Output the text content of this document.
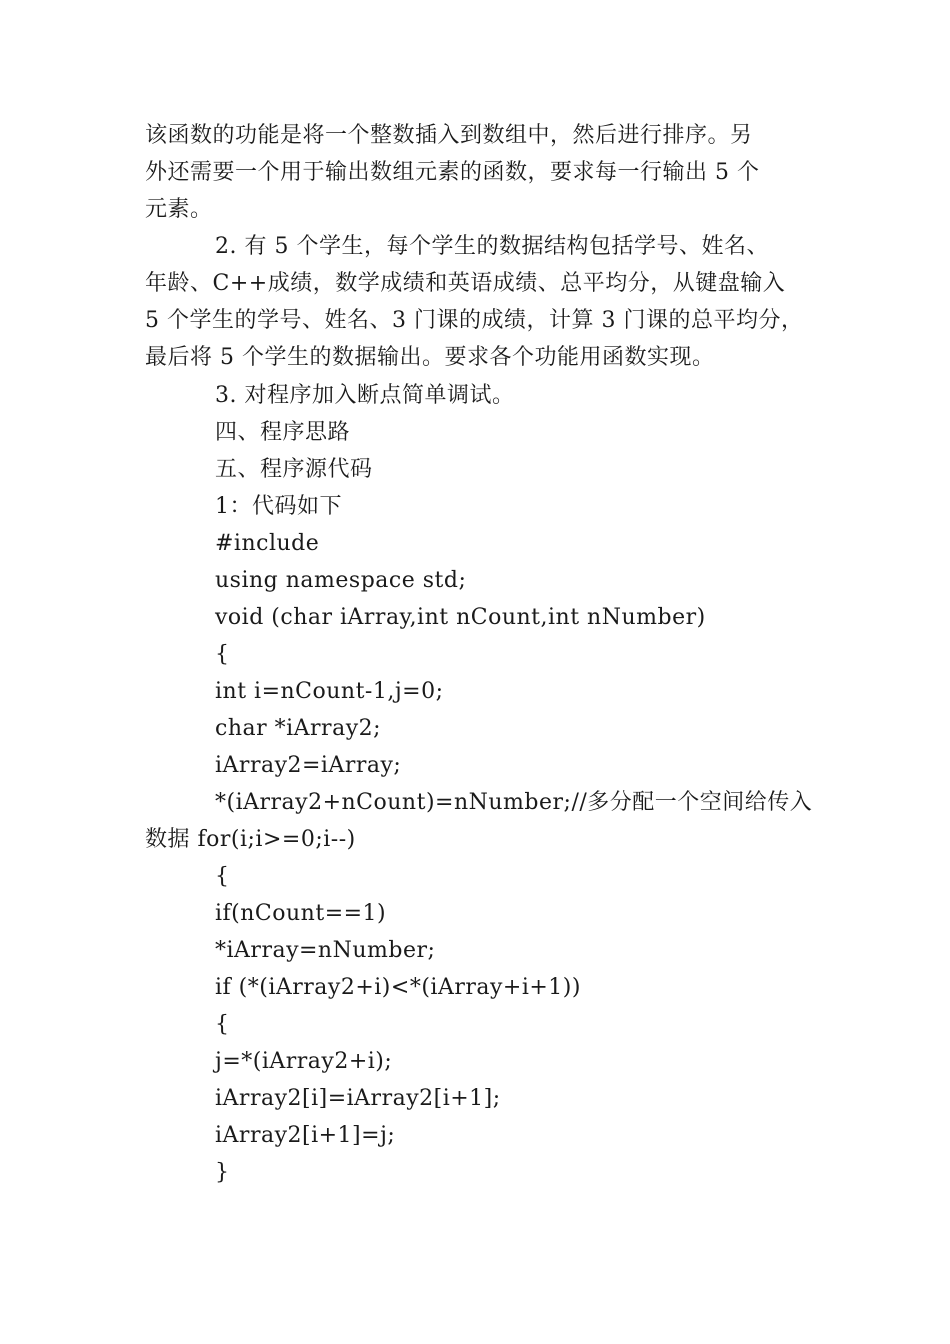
该函数的功能是将一个整数插入到数组中，然后进行排序。另
外还需要一个用于输出数组元素的函数，要求每一行输出 5 个
元素。
2. 有 5 个学生，每个学生的数据结构包括学号、姓名、
年龄、C++成绩，数学成绩和英语成绩、总平均分，从键盘输入
5 个学生的学号、姓名、3 门课的成绩，计算 3 门课的总平均分，
最后将 5 个学生的数据输出。要求各个功能用函数实现。
3. 对程序加入断点简单调试。
四、程序思路
五、程序源代码
1：代码如下
#include
using namespace std;
void (char iArray,int nCount,int nNumber)
{
int i=nCount-1,j=0;
char *iArray2;
iArray2=iArray;
*(iArray2+nCount)=nNumber;//多分配一个空间给传入
数据 for(i;i>=0;i--)
{
if(nCount==1)
*iArray=nNumber;
if (*(iArray2+i)<*(iArray+i+1))
{
j=*(iArray2+i);
iArray2[i]=iArray2[i+1];
iArray2[i+1]=j;
}
